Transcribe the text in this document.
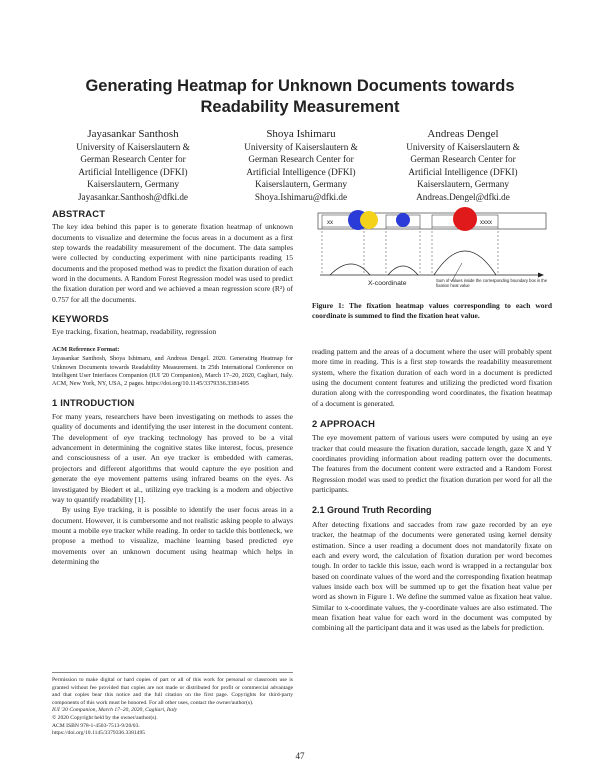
Generating Heatmap for Unknown Documents towards
Readability Measurement
Jayasankar Santhosh
University of Kaiserslautern &
German Research Center for
Artificial Intelligence (DFKI)
Kaiserslautern, Germany
Jayasankar.Santhosh@dfki.de
Shoya Ishimaru
University of Kaiserslautern &
German Research Center for
Artificial Intelligence (DFKI)
Kaiserslautern, Germany
Shoya.Ishimaru@dfki.de
Andreas Dengel
University of Kaiserslautern &
German Research Center for
Artificial Intelligence (DFKI)
Kaiserslautern, Germany
Andreas.Dengel@dfki.de
ABSTRACT

The key idea behind this paper is to generate fixation heatmap of unknown documents to visualize and determine the focus areas in a document as a first step towards the readability measurement of the document. The data samples were collected by conducting experiment with nine participants reading 15 documents and the proposed method was to predict the fixation duration of each word in the documents. A Random Forest Regression model was used to predict the fixation duration per word and we achieved a mean regression score (R²) of 0.757 for all the documents.

KEYWORDS

Eye tracking, fixation, heatmap, readability, regression

ACM Reference Format:

Jayasankar Santhosh, Shoya Ishimaru, and Andreas Dengel. 2020. Generating Heatmap for Unknown Documents towards Readability Measurement. In 25th International Conference on Intelligent User Interfaces Companion (IUI '20 Companion), March 17–20, 2020, Cagliari, Italy. ACM, New York, NY, USA, 2 pages. https://doi.org/10.1145/3379336.3381495

1 INTRODUCTION

For many years, researchers have been investigating on methods to asses the quality of documents and identifying the user interest in the document content. The development of eye tracking technology has proved to be a vital advancement in determining the cognitive states like interest, focus, presence and consciousness of a user. An eye tracker is embedded with cameras, projectors and different algorithms that would capture the eye position and generate the eye movement patterns using infrared beams on the eyes. As investigated by Biedert et al., utilizing eye tracking is a modern and objective way to quantify readability [1].

By using Eye tracking, it is possible to identify the user focus areas in a document. However, it is cumbersome and not realistic asking people to always mount a mobile eye tracker while reading. In order to tackle this bottleneck, we propose a method to visualize, machine learning based predicted eye movements over an unknown document using heatmap which helps in determining the

Permission to make digital or hard copies of part or all of this work for personal or classroom use is granted without fee provided that copies are not made or distributed for profit or commercial advantage and that copies bear this notice and the full citation on the first page. Copyrights for third-party components of this work must be honored. For all other uses, contact the owner/author(s).
IUI '20 Companion, March 17–20, 2020, Cagliari, Italy
© 2020 Copyright held by the owner/author(s).
ACM ISBN 978-1-4503-7513-9/20/03.
https://doi.org/10.1145/3379336.3381495
xx	xx	xxxx
X-coordinate	Sum of values inside the corresponding boundary box is the fixation heat value

Figure 1: The fixation heatmap values corresponding to each word coordinate is summed to find the fixation heat value.

reading pattern and the areas of a document where the user will probably spent more time in reading. This is a first step towards the readability measurement system, where the fixation duration of each word in a document is predicted using the document content features and utilizing the predicted word fixation duration along with the corresponding word coordinates, the fixation heatmap of a document is generated.

2 APPROACH

The eye movement pattern of various users were computed by using an eye tracker that could measure the fixation duration, saccade length, gaze X and Y coordinates providing information about reading pattern over the documents. The features from the document content were extracted and a Random Forest Regression model was used to predict the fixation duration per word for all the participants.

2.1 Ground Truth Recording

After detecting fixations and saccades from raw gaze recorded by an eye tracker, the heatmap of the documents were generated using kernel density estimation. Since a user reading a document does not mandatorily fixate on each and every word, the calculation of fixation duration per word becomes tough. In order to tackle this issue, each word is wrapped in a rectangular box based on coordinate values of the word and the corresponding fixation heatmap values inside each box will be summed up to get the fixation heat value per word as shown in Figure 1. We define the summed value as fixation heat value. Similar to x-coordinate values, the y-coordinate values are also estimated. The mean fixation heat value for each word in the document was computed by combining all the participant data and it was used as the labels for prediction.

47
